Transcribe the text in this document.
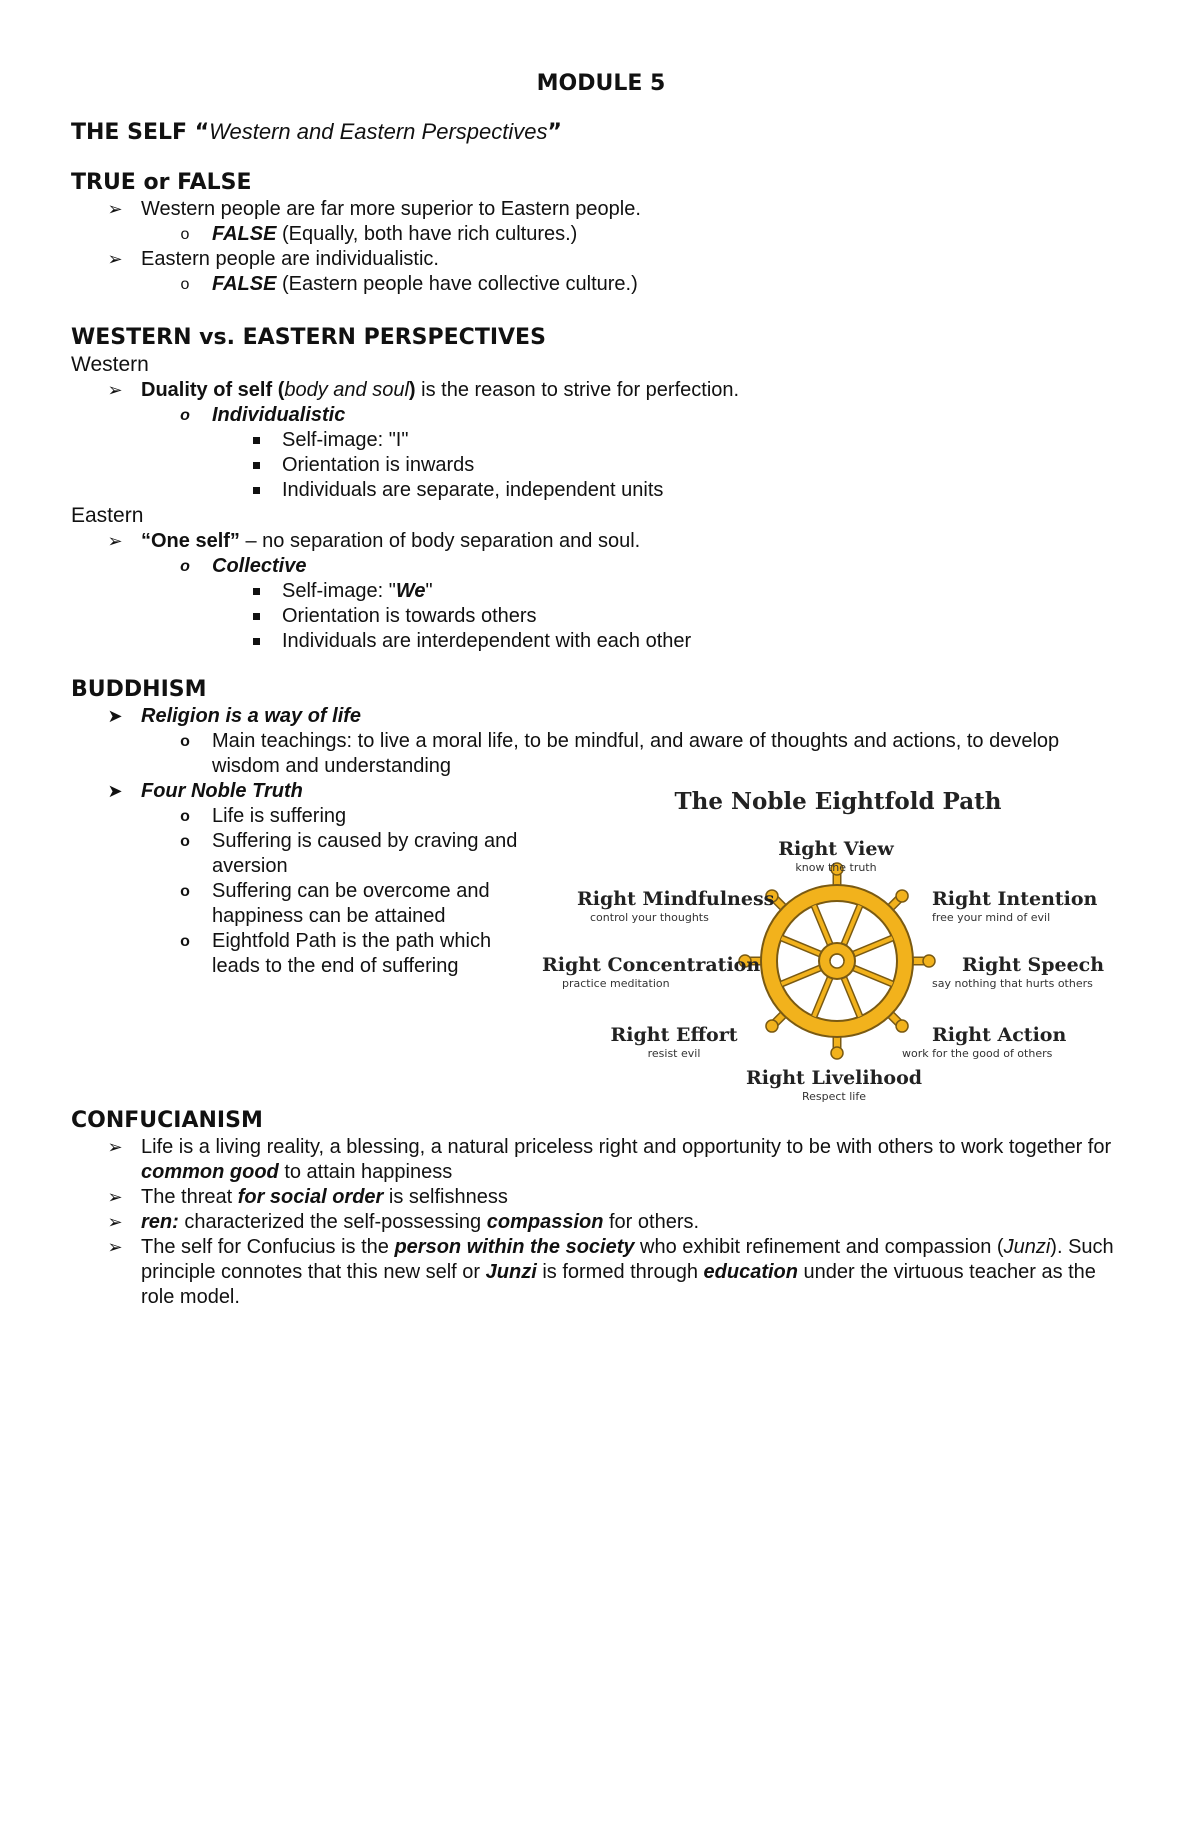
MODULE 5
THE SELF “Western and Eastern Perspectives”
TRUE or FALSE
➢ Western people are far more superior to Eastern people.
o FALSE (Equally, both have rich cultures.)
➢ Eastern people are individualistic.
o FALSE (Eastern people have collective culture.)
WESTERN vs. EASTERN PERSPECTIVES
Western
➢ Duality of self (body and soul) is the reason to strive for perfection.
o Individualistic
Self-image: "I"
Orientation is inwards
Individuals are separate, independent units
Eastern
➢ “One self” – no separation of body separation and soul.
o Collective
Self-image: "We"
Orientation is towards others
Individuals are interdependent with each other
BUDDHISM
➤ Religion is a way of life
o Main teachings: to live a moral life, to be mindful, and aware of thoughts and actions, to develop wisdom and understanding
➤ Four Noble Truth
o Life is suffering
o Suffering is caused by craving and aversion
o Suffering can be overcome and happiness can be attained
o Eightfold Path is the path which leads to the end of suffering
The Noble Eightfold Path
Right View
know the truth
Right Intention
free your mind of evil
Right Speech
say nothing that hurts others
Right Action
work for the good of others
Right Livelihood
Respect life
Right Effort
resist evil
Right Concentration
practice meditation
Right Mindfulness
control your thoughts
CONFUCIANISM
➢ Life is a living reality, a blessing, a natural priceless right and opportunity to be with others to work together for common good to attain happiness
➢ The threat for social order is selfishness
➢ ren: characterized the self-possessing compassion for others.
➢ The self for Confucius is the person within the society who exhibit refinement and compassion (Junzi). Such principle connotes that this new self or Junzi is formed through education under the virtuous teacher as the role model.
